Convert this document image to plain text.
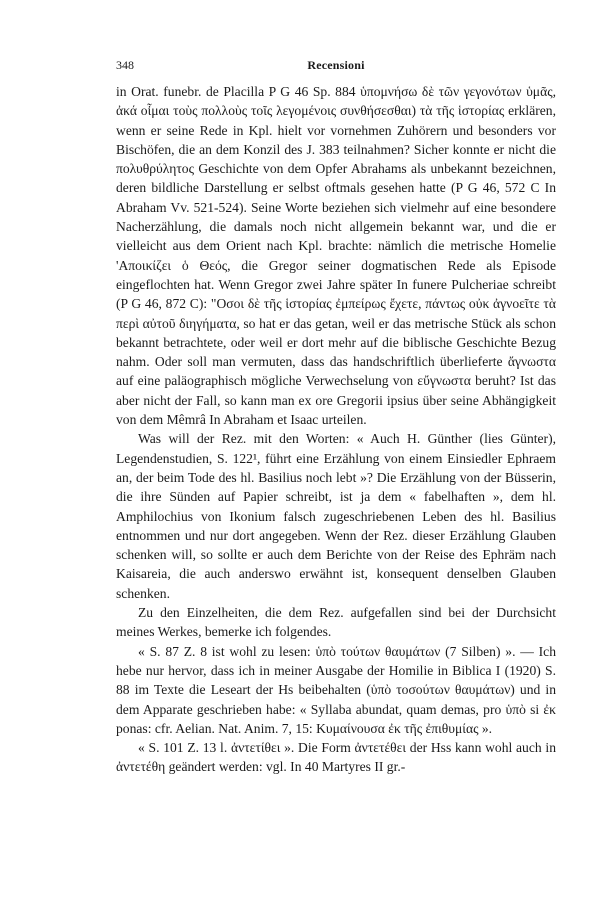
348	Recensioni

in Orat. funebr. de Placilla P G 46 Sp. 884 ὑπομνήσω δὲ τῶν γεγονότων ὑμᾶς, ἀκά οἶμαι τοὺς πολλοὺς τοῖς λεγομένοις συνθήσεσθαι) τὰ τῆς ἱστορίας erklären, wenn er seine Rede in Kpl. hielt vor vornehmen Zuhörern und besonders vor Bischöfen, die an dem Konzil des J. 383 teilnahmen? Sicher konnte er nicht die πολυθρύλητος Geschichte von dem Opfer Abrahams als unbekannt bezeichnen, deren bildliche Darstellung er selbst oftmals gesehen hatte (P G 46, 572 C In Abraham Vv. 521-524). Seine Worte beziehen sich vielmehr auf eine besondere Nacherzählung, die damals noch nicht allgemein bekannt war, und die er vielleicht aus dem Orient nach Kpl. brachte: nämlich die metrische Homelie 'Αποικίζει ὁ Θεός, die Gregor seiner dogmatischen Rede als Episode eingeflochten hat. Wenn Gregor zwei Jahre später In funere Pulcheriae schreibt (P G 46, 872 C): "Οσοι δὲ τῆς ἱστορίας ἐμπείρως ἔχετε, πάντως οὐκ ἀγνοεῖτε τὰ περὶ αὐτοῦ διηγήματα, so hat er das getan, weil er das metrische Stück als schon bekannt betrachtete, oder weil er dort mehr auf die biblische Geschichte Bezug nahm. Oder soll man vermuten, dass das handschriftlich überlieferte ἄγνωστα auf eine paläographisch mögliche Verwechselung von εὔγνωστα beruht? Ist das aber nicht der Fall, so kann man ex ore Gregorii ipsius über seine Abhängigkeit von dem Mêmrâ In Abraham et Isaac urteilen.

Was will der Rez. mit den Worten: « Auch H. Günther (lies Günter), Legendenstudien, S. 122¹, führt eine Erzählung von einem Einsiedler Ephraem an, der beim Tode des hl. Basilius noch lebt »? Die Erzählung von der Büsserin, die ihre Sünden auf Papier schreibt, ist ja dem « fabelhaften », dem hl. Amphilochius von Ikonium falsch zugeschriebenen Leben des hl. Basilius entnommen und nur dort angegeben. Wenn der Rez. dieser Erzählung Glauben schenken will, so sollte er auch dem Berichte von der Reise des Ephräm nach Kaisareia, die auch anderswo erwähnt ist, konsequent denselben Glauben schenken.

Zu den Einzelheiten, die dem Rez. aufgefallen sind bei der Durchsicht meines Werkes, bemerke ich folgendes.

« S. 87 Z. 8 ist wohl zu lesen: ὑπὸ τούτων θαυμάτων (7 Silben) ». — Ich hebe nur hervor, dass ich in meiner Ausgabe der Homilie in Biblica I (1920) S. 88 im Texte die Leseart der Hs beibehalten (ὑπὸ τοσούτων θαυμάτων) und in dem Apparate geschrieben habe: « Syllaba abundat, quam demas, pro ὑπὸ si ἐκ ponas: cfr. Aelian. Nat. Anim. 7, 15: Κυμαίνουσα ἐκ τῆς ἐπιθυμίας ».

« S. 101 Z. 13 l. ἀντετίθει ». Die Form ἀντετέθει der Hss kann wohl auch in ἀντετέθη geändert werden: vgl. In 40 Martyres II gr.-
